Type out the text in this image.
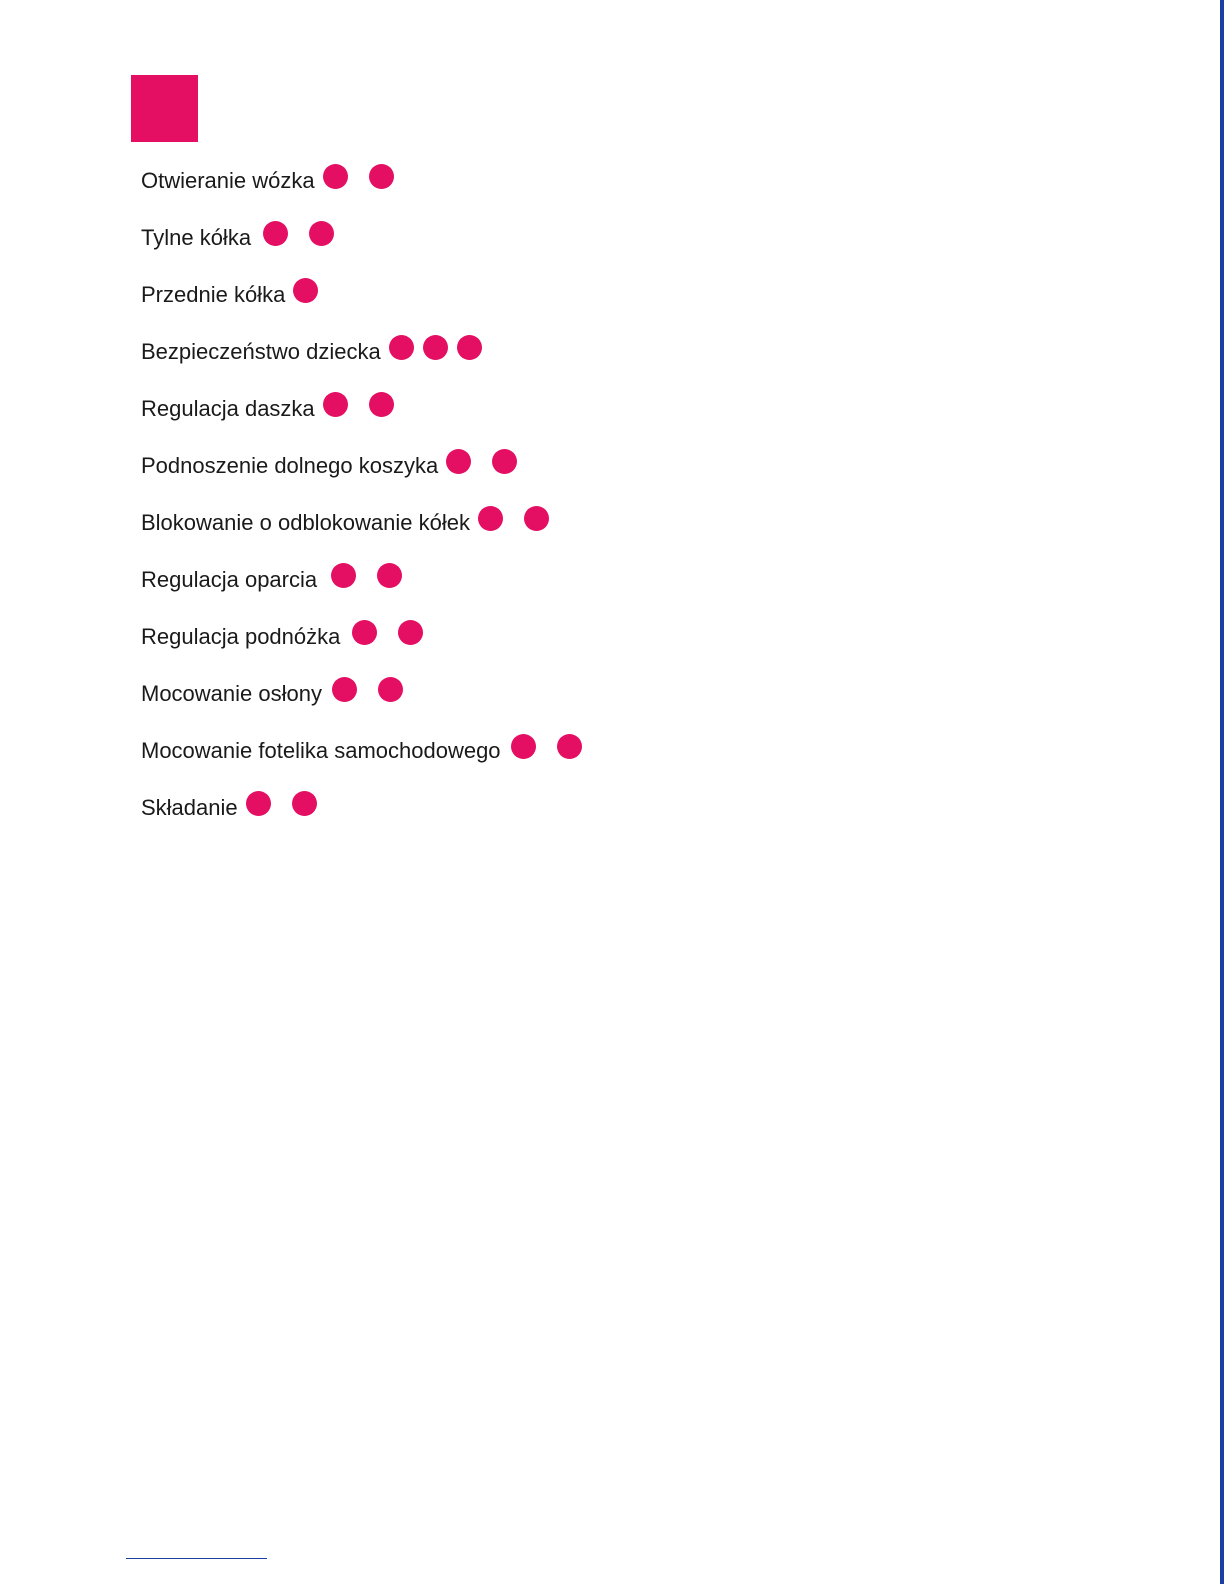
Otwieranie wózka
Tylne kółka
Przednie kółka
Bezpieczeństwo dziecka
Regulacja daszka
Podnoszenie dolnego koszyka
Blokowanie o odblokowanie kółek
Regulacja oparcia
Regulacja podnóżka
Mocowanie osłony
Mocowanie fotelika samochodowego
Składanie
